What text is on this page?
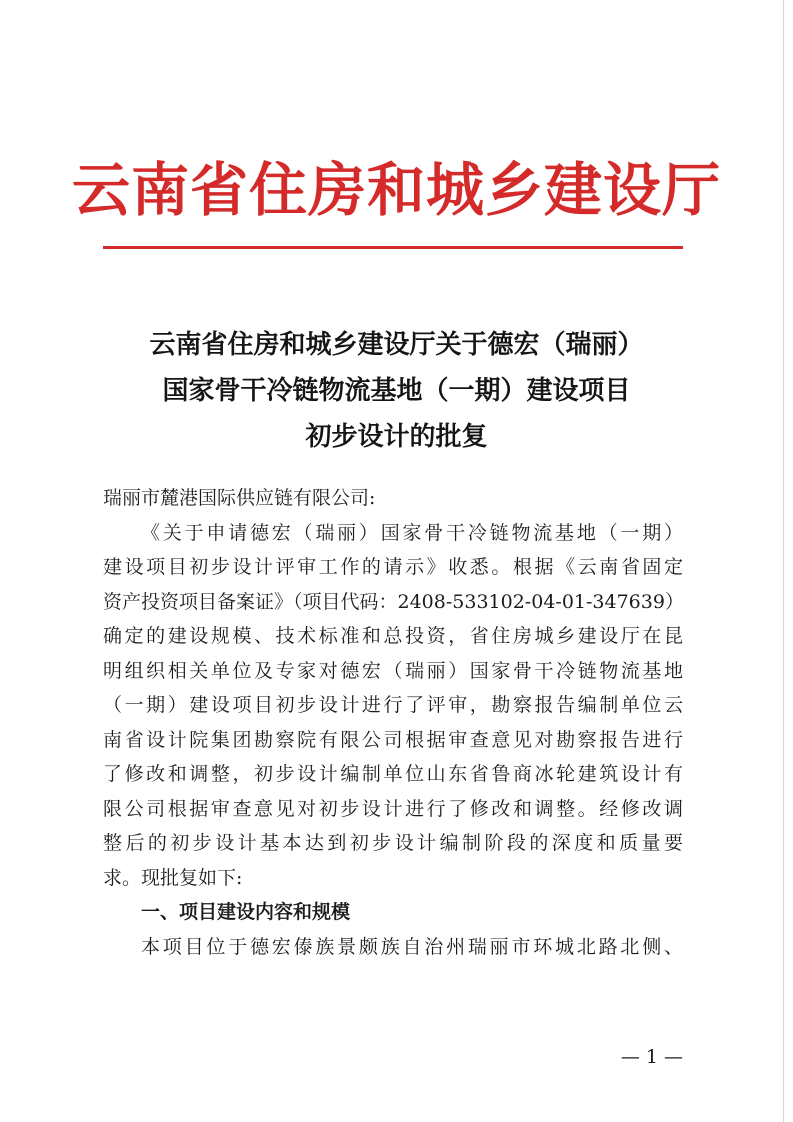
云南省住房和城乡建设厅
云南省住房和城乡建设厅关于德宏（瑞丽）
国家骨干冷链物流基地（一期）建设项目
初步设计的批复
瑞丽市麓港国际供应链有限公司:
《关于申请德宏（瑞丽）国家骨干冷链物流基地（一期）
建设项目初步设计评审工作的请示》收悉。根据《云南省固定
资产投资项目备案证》（项目代码：2408-533102-04-01-347639）
确定的建设规模、技术标准和总投资，省住房城乡建设厅在昆
明组织相关单位及专家对德宏（瑞丽）国家骨干冷链物流基地
（一期）建设项目初步设计进行了评审，勘察报告编制单位云
南省设计院集团勘察院有限公司根据审查意见对勘察报告进行
了修改和调整，初步设计编制单位山东省鲁商冰轮建筑设计有
限公司根据审查意见对初步设计进行了修改和调整。经修改调
整后的初步设计基本达到初步设计编制阶段的深度和质量要
求。现批复如下:
一、项目建设内容和规模
本项目位于德宏傣族景颇族自治州瑞丽市环城北路北侧、
— 1 —
